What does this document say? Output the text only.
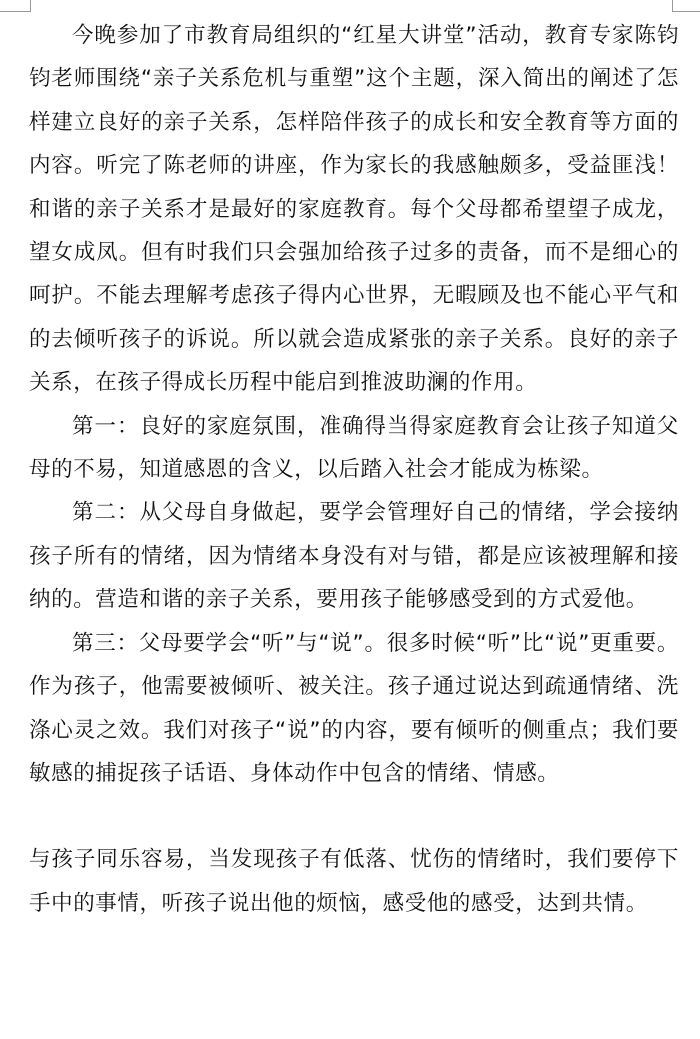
今晚参加了市教育局组织的“红星大讲堂”活动，教育专家陈钧钧老师围绕“亲子关系危机与重塑”这个主题，深入简出的阐述了怎样建立良好的亲子关系，怎样陪伴孩子的成长和安全教育等方面的内容。听完了陈老师的讲座，作为家长的我感触颇多，受益匪浅！和谐的亲子关系才是最好的家庭教育。每个父母都希望望子成龙，望女成凤。但有时我们只会强加给孩子过多的责备，而不是细心的呵护。不能去理解考虑孩子得内心世界，无暇顾及也不能心平气和的去倾听孩子的诉说。所以就会造成紧张的亲子关系。良好的亲子关系，在孩子得成长历程中能启到推波助澜的作用。

第一：良好的家庭氛围，准确得当得家庭教育会让孩子知道父母的不易，知道感恩的含义，以后踏入社会才能成为栋梁。

第二：从父母自身做起，要学会管理好自己的情绪，学会接纳孩子所有的情绪，因为情绪本身没有对与错，都是应该被理解和接纳的。营造和谐的亲子关系，要用孩子能够感受到的方式爱他。

第三：父母要学会“听”与“说”。很多时候“听”比“说”更重要。作为孩子，他需要被倾听、被关注。孩子通过说达到疏通情绪、洗涤心灵之效。我们对孩子“说”的内容，要有倾听的侧重点；我们要敏感的捕捉孩子话语、身体动作中包含的情绪、情感。

与孩子同乐容易，当发现孩子有低落、忧伤的情绪时，我们要停下手中的事情，听孩子说出他的烦恼，感受他的感受，达到共情。
